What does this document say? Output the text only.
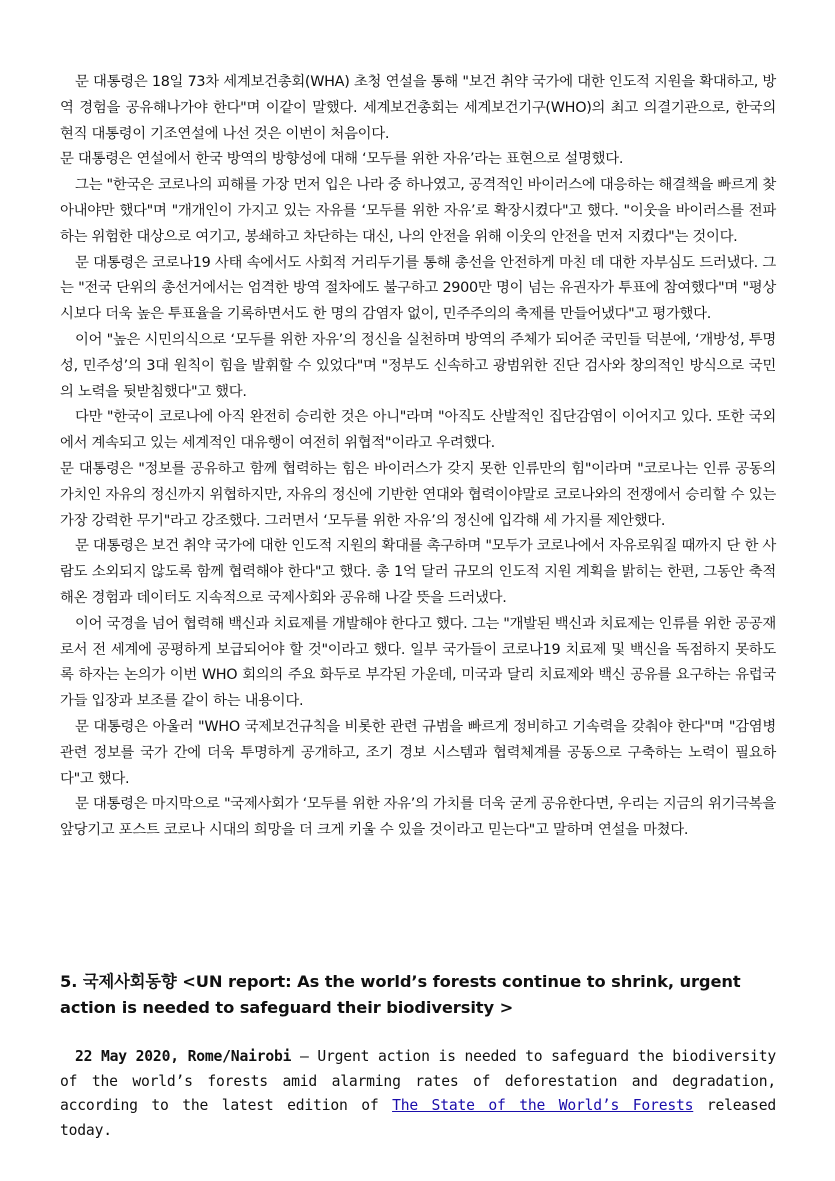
문 대통령은 18일 73차 세계보건총회(WHA) 초청 연설을 통해 "보건 취약 국가에 대한 인도적 지원을 확대하고, 방역 경험을 공유해나가야 한다"며 이같이 말했다. 세계보건총회는 세계보건기구(WHO)의 최고 의결기관으로, 한국의 현직 대통령이 기조연설에 나선 것은 이번이 처음이다.

문 대통령은 연설에서 한국 방역의 방향성에 대해 ‘모두를 위한 자유’라는 표현으로 설명했다.

그는 "한국은 코로나의 피해를 가장 먼저 입은 나라 중 하나였고, 공격적인 바이러스에 대응하는 해결책을 빠르게 찾아내야만 했다"며 "개개인이 가지고 있는 자유를 ‘모두를 위한 자유’로 확장시켰다"고 했다. "이웃을 바이러스를 전파하는 위험한 대상으로 여기고, 봉쇄하고 차단하는 대신, 나의 안전을 위해 이웃의 안전을 먼저 지켰다"는 것이다.

문 대통령은 코로나19 사태 속에서도 사회적 거리두기를 통해 총선을 안전하게 마친 데 대한 자부심도 드러냈다. 그는 "전국 단위의 총선거에서는 엄격한 방역 절차에도 불구하고 2900만 명이 넘는 유권자가 투표에 참여했다"며 "평상시보다 더욱 높은 투표율을 기록하면서도 한 명의 감염자 없이, 민주주의의 축제를 만들어냈다"고 평가했다.

이어 "높은 시민의식으로 ‘모두를 위한 자유’의 정신을 실천하며 방역의 주체가 되어준 국민들 덕분에, ‘개방성, 투명성, 민주성’의 3대 원칙이 힘을 발휘할 수 있었다"며 "정부도 신속하고 광범위한 진단 검사와 창의적인 방식으로 국민의 노력을 뒷받침했다"고 했다.

다만 "한국이 코로나에 아직 완전히 승리한 것은 아니"라며 "아직도 산발적인 집단감염이 이어지고 있다. 또한 국외에서 계속되고 있는 세계적인 대유행이 여전히 위협적"이라고 우려했다.

문 대통령은 "정보를 공유하고 함께 협력하는 힘은 바이러스가 갖지 못한 인류만의 힘"이라며 "코로나는 인류 공동의 가치인 자유의 정신까지 위협하지만, 자유의 정신에 기반한 연대와 협력이야말로 코로나와의 전쟁에서 승리할 수 있는 가장 강력한 무기"라고 강조했다. 그러면서 ‘모두를 위한 자유’의 정신에 입각해 세 가지를 제안했다.

문 대통령은 보건 취약 국가에 대한 인도적 지원의 확대를 촉구하며 "모두가 코로나에서 자유로워질 때까지 단 한 사람도 소외되지 않도록 함께 협력해야 한다"고 했다. 총 1억 달러 규모의 인도적 지원 계획을 밝히는 한편, 그동안 축적해온 경험과 데이터도 지속적으로 국제사회와 공유해 나갈 뜻을 드러냈다.

이어 국경을 넘어 협력해 백신과 치료제를 개발해야 한다고 했다. 그는 "개발된 백신과 치료제는 인류를 위한 공공재로서 전 세계에 공평하게 보급되어야 할 것"이라고 했다. 일부 국가들이 코로나19 치료제 및 백신을 독점하지 못하도록 하자는 논의가 이번 WHO 회의의 주요 화두로 부각된 가운데, 미국과 달리 치료제와 백신 공유를 요구하는 유럽국가들 입장과 보조를 같이 하는 내용이다.

문 대통령은 아울러 "WHO 국제보건규칙을 비롯한 관련 규범을 빠르게 정비하고 기속력을 갖춰야 한다"며 "감염병 관련 정보를 국가 간에 더욱 투명하게 공개하고, 조기 경보 시스템과 협력체계를 공동으로 구축하는 노력이 필요하다"고 했다.

문 대통령은 마지막으로 "국제사회가 ‘모두를 위한 자유’의 가치를 더욱 굳게 공유한다면, 우리는 지금의 위기극복을 앞당기고 포스트 코로나 시대의 희망을 더 크게 키울 수 있을 것이라고 믿는다"고 말하며 연설을 마쳤다.

5. 국제사회동향 <UN report: As the world’s forests continue to shrink, urgent action is needed to safeguard their biodiversity >

22 May 2020, Rome/Nairobi – Urgent action is needed to safeguard the biodiversity of the world’s forests amid alarming rates of deforestation and degradation, according to the latest edition of The State of the World’s Forests released today.
